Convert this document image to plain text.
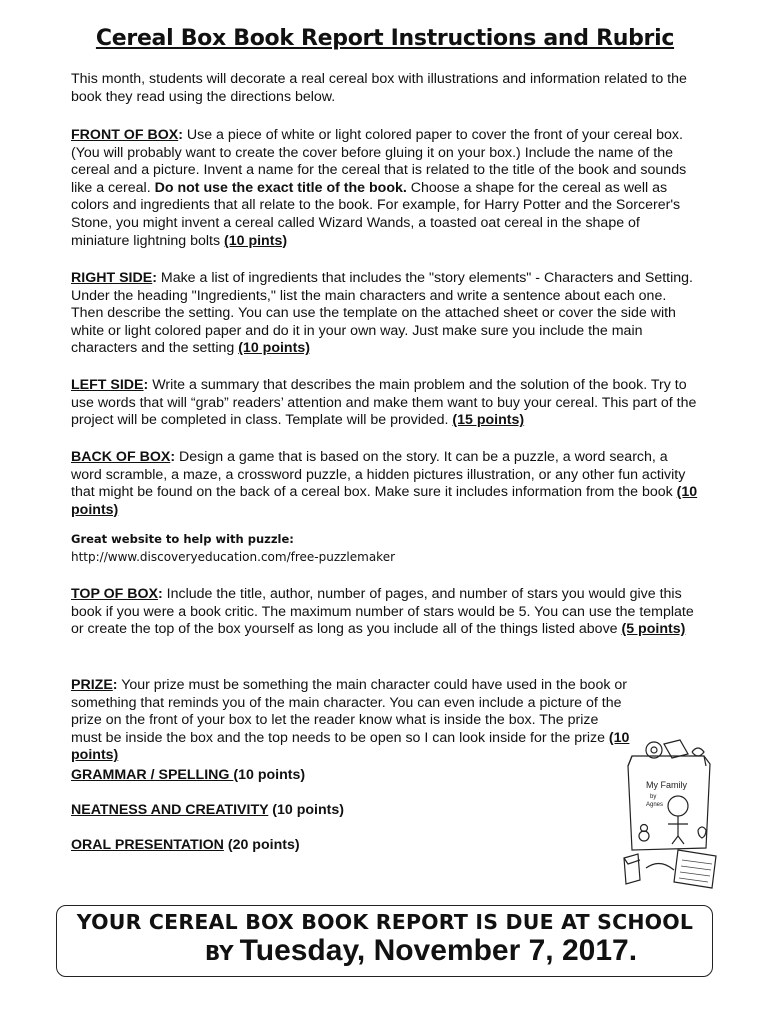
Cereal Box Book Report Instructions and Rubric
This month, students will decorate a real cereal box with illustrations and information related to the book they read using the directions below.
FRONT OF BOX: Use a piece of white or light colored paper to cover the front of your cereal box. (You will probably want to create the cover before gluing it on your box.) Include the name of the cereal and a picture. Invent a name for the cereal that is related to the title of the book and sounds like a cereal. Do not use the exact title of the book. Choose a shape for the cereal as well as colors and ingredients that all relate to the book. For example, for Harry Potter and the Sorcerer's Stone, you might invent a cereal called Wizard Wands, a toasted oat cereal in the shape of miniature lightning bolts (10 pints)
RIGHT SIDE: Make a list of ingredients that includes the "story elements" - Characters and Setting. Under the heading "Ingredients," list the main characters and write a sentence about each one. Then describe the setting. You can use the template on the attached sheet or cover the side with white or light colored paper and do it in your own way. Just make sure you include the main characters and the setting (10 points)
LEFT SIDE: Write a summary that describes the main problem and the solution of the book. Try to use words that will “grab” readers’ attention and make them want to buy your cereal. This part of the project will be completed in class. Template will be provided. (15 points)
BACK OF BOX: Design a game that is based on the story. It can be a puzzle, a word search, a word scramble, a maze, a crossword puzzle, a hidden pictures illustration, or any other fun activity that might be found on the back of a cereal box. Make sure it includes information from the book (10 points)
Great website to help with puzzle:
http://www.discoveryeducation.com/free-puzzlemaker
TOP OF BOX: Include the title, author, number of pages, and number of stars you would give this book if you were a book critic. The maximum number of stars would be 5. You can use the template or create the top of the box yourself as long as you include all of the things listed above (5 points)
PRIZE: Your prize must be something the main character could have used in the book or something that reminds you of the main character. You can even include a picture of the prize on the front of your box to let the reader know what is inside the box. The prize must be inside the box and the top needs to be open so I can look inside for the prize (10 points)
GRAMMAR / SPELLING (10 points)
NEATNESS AND CREATIVITY (10 points)
ORAL PRESENTATION (20 points)
My Family
by
Agnes
YOUR CEREAL BOX BOOK REPORT IS DUE AT SCHOOL
BY Tuesday, November 7, 2017.
